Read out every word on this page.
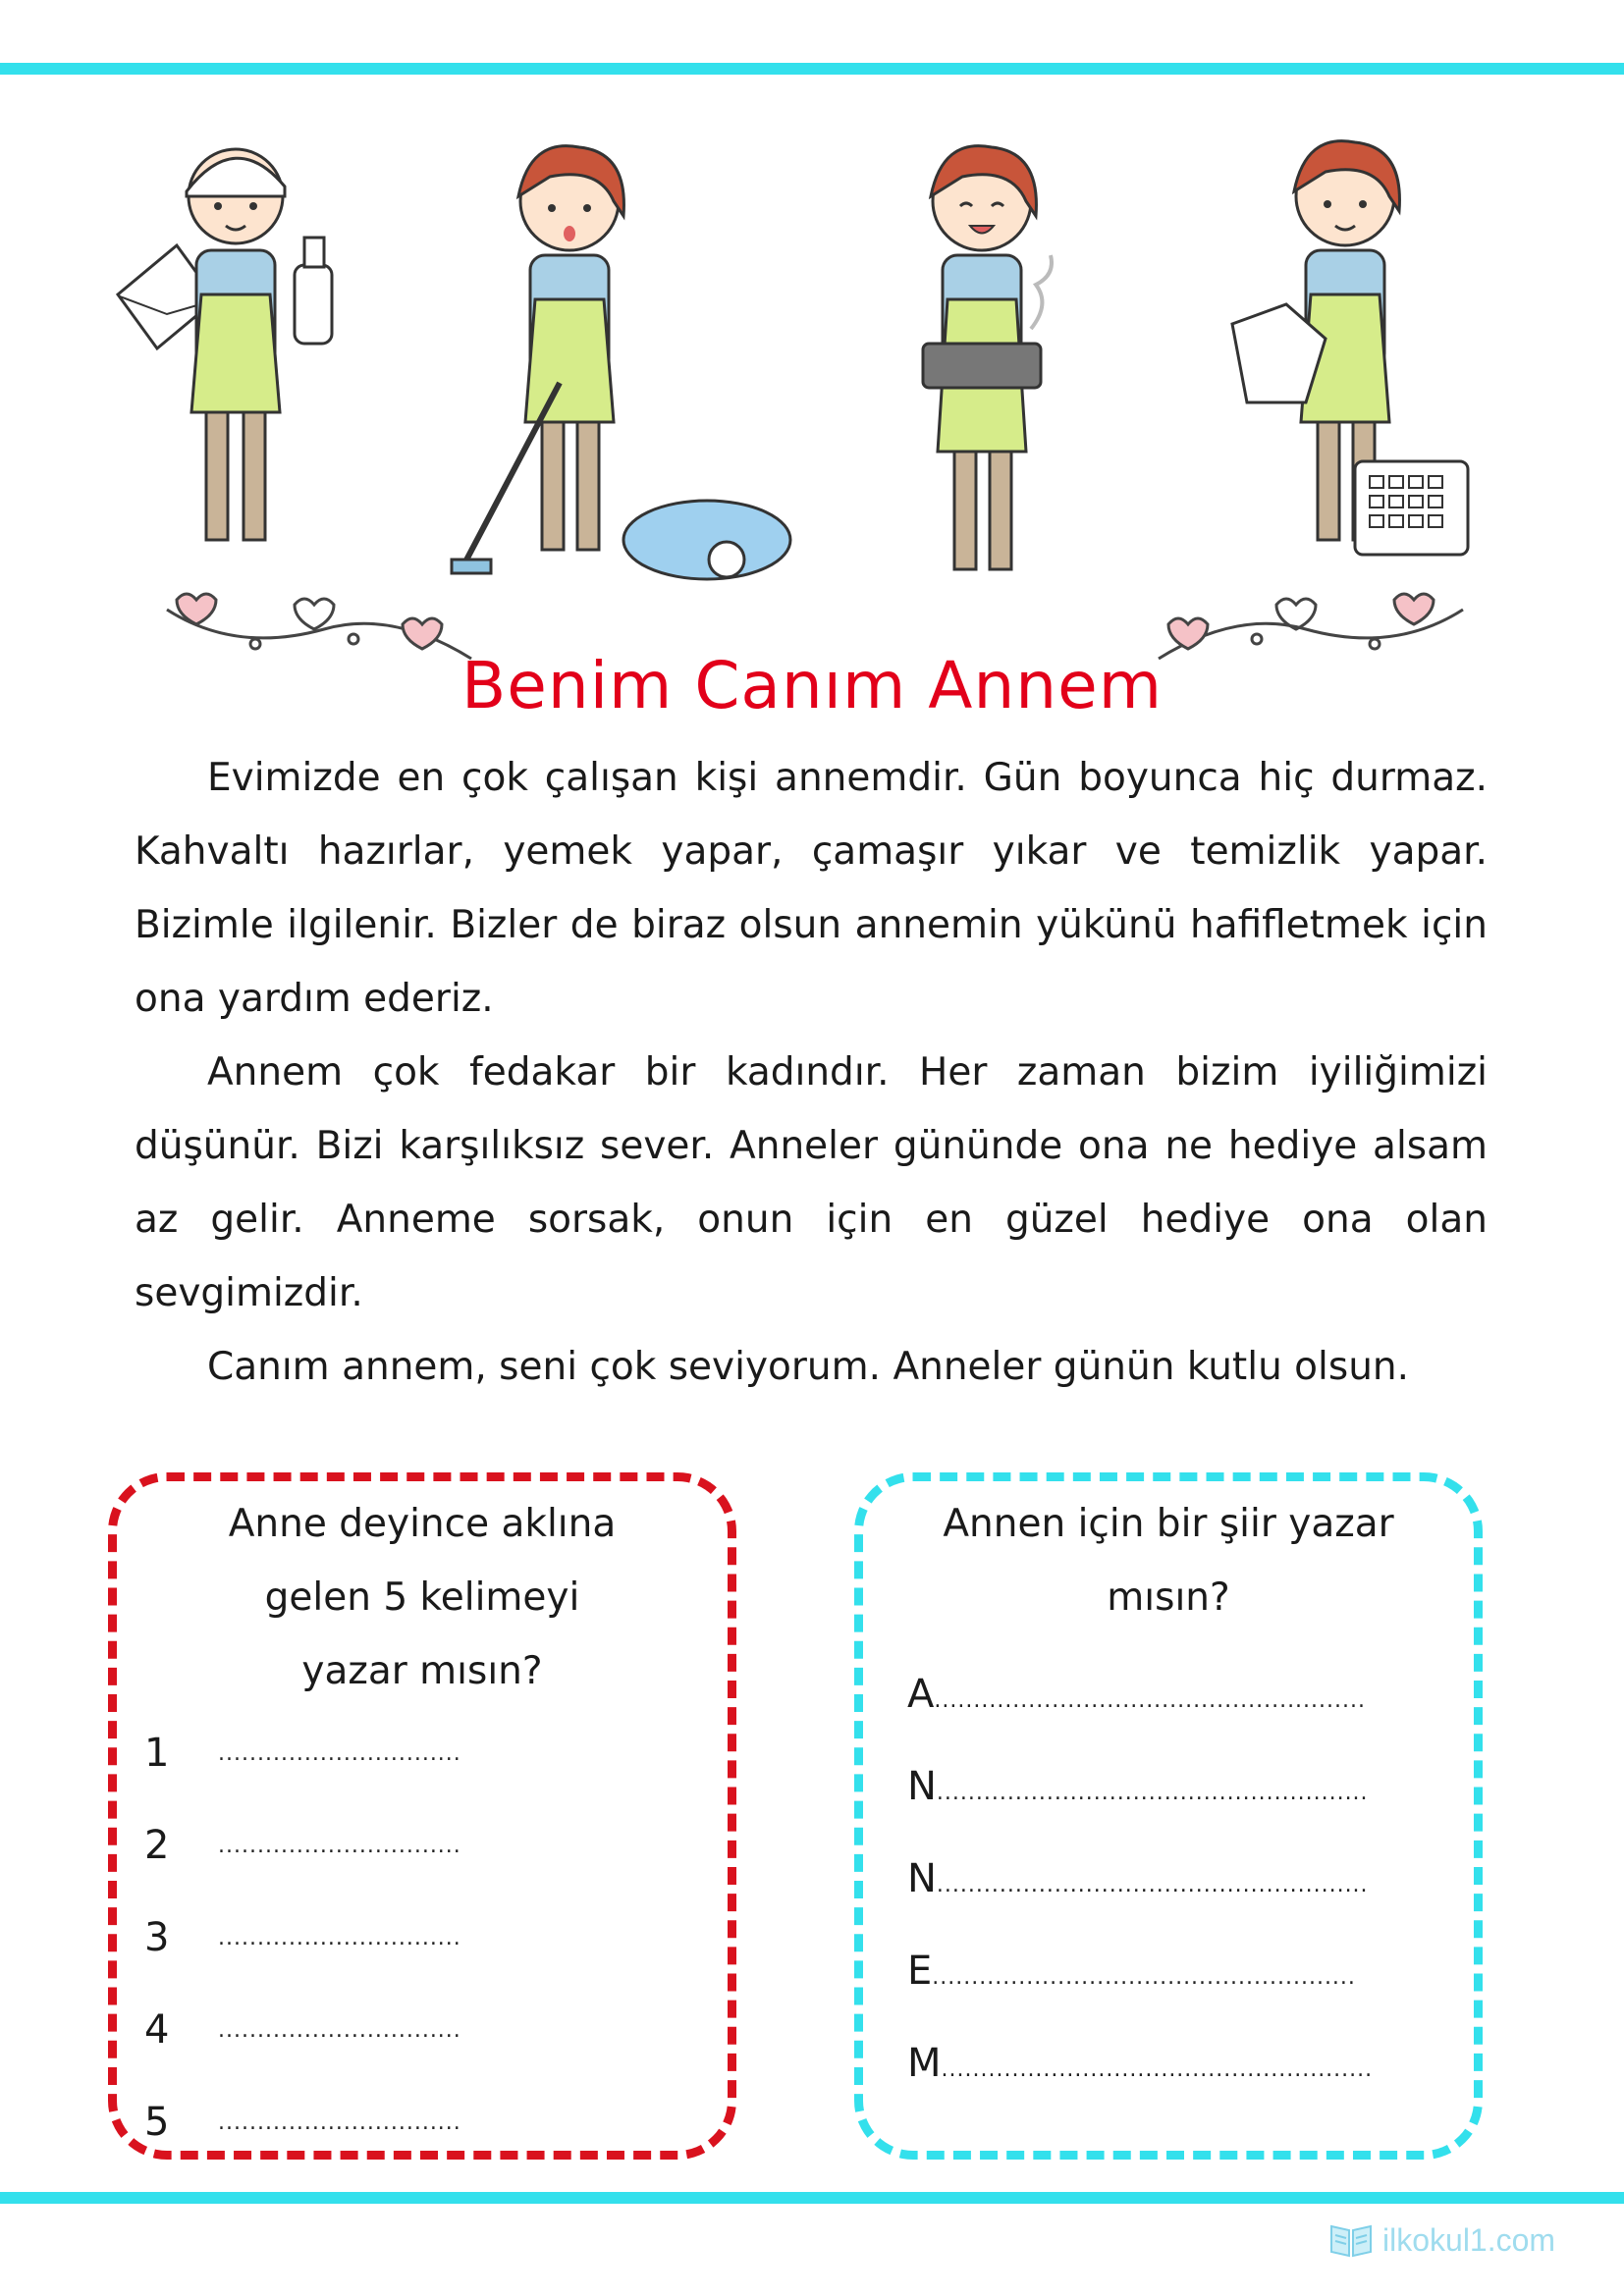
Benim Canım Annem

Evimizde en çok çalışan kişi annemdir. Gün boyunca hiç durmaz. Kahvaltı hazırlar, yemek yapar, çamaşır yıkar ve temizlik yapar. Bizimle ilgilenir. Bizler de biraz olsun annemin yükünü hafifletmek için ona yardım ederiz.

Annem çok fedakar bir kadındır. Her zaman bizim iyiliğimizi düşünür. Bizi karşılıksız sever. Anneler gününde ona ne hediye alsam az gelir. Anneme sorsak, onun için en güzel hediye ona olan sevgimizdir.

Canım annem, seni çok seviyorum. Anneler günün kutlu olsun.

Anne deyince aklına
gelen 5 kelimeyi
yazar mısın?
1	...............................
2	...............................
3	...............................
4	...............................
5	...............................
Annen için bir şiir yazar
mısın?
A .......................................................
N .......................................................
N .......................................................
E ......................................................
M .......................................................
ilkokul1.com
